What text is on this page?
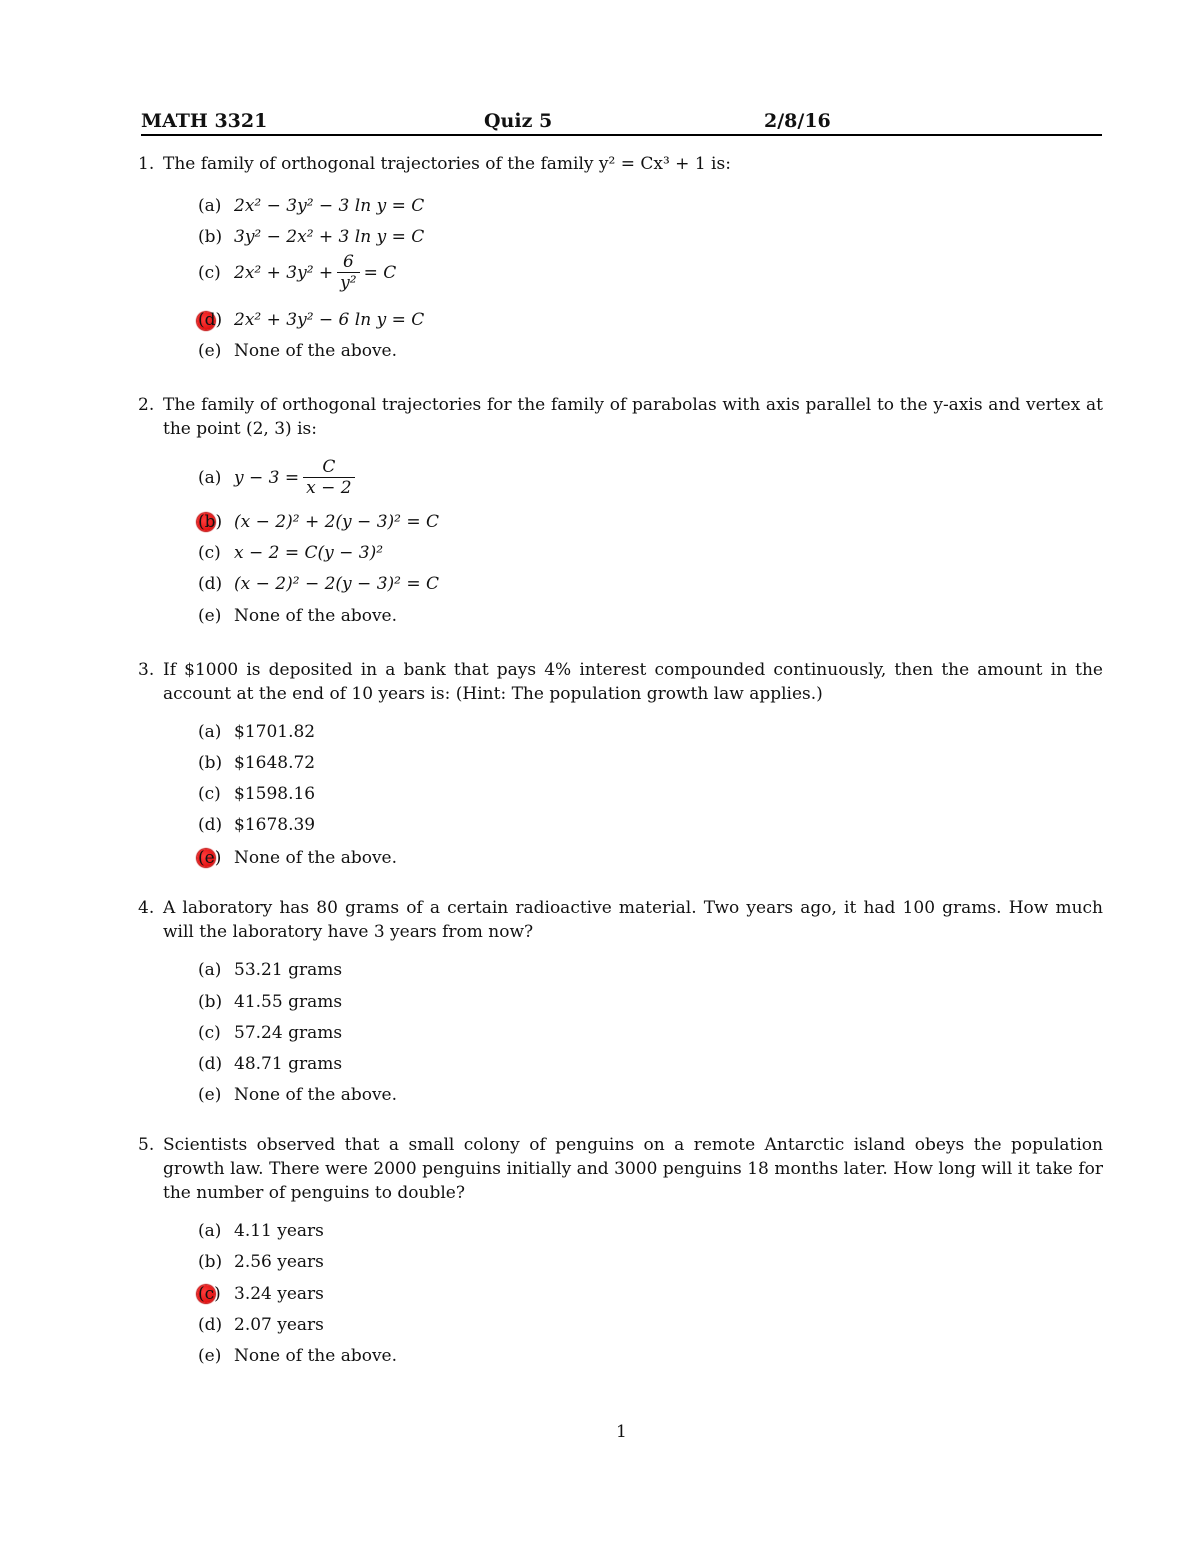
MATH 3321	Quiz 5	2/8/16
1. The family of orthogonal trajectories of the family y² = Cx³ + 1 is:

(a) 2x² − 3y² − 3 ln y = C
(b) 3y² − 2x² + 3 ln y = C
(c) $2x^2 + 3y^2 + \frac{6}{\text{y²}} = C$
(d) 2x² + 3y² − 6 ln y = C
(e) None of the above.
2. The family of orthogonal trajectories for the family of parabolas with axis parallel to the y-axis and vertex at the point (2, 3) is:

(a) $y - 3 = \frac{C}{x - 2}$
(b) (x − 2)² + 2(y − 3)² = C
(c) x − 2 = C(y − 3)²
(d) (x − 2)² − 2(y − 3)² = C
(e) None of the above.
3. If $1000 is deposited in a bank that pays 4% interest compounded continuously, then the amount in the account at the end of 10 years is: (Hint: The population growth law applies.)

(a) $1701.82
(b) $1648.72
(c) $1598.16
(d) $1678.39
(e) None of the above.
4. A laboratory has 80 grams of a certain radioactive material. Two years ago, it had 100 grams. How much will the laboratory have 3 years from now?

(a) 53.21 grams
(b) 41.55 grams
(c) 57.24 grams
(d) 48.71 grams
(e) None of the above.
5. Scientists observed that a small colony of penguins on a remote Antarctic island obeys the population growth law. There were 2000 penguins initially and 3000 penguins 18 months later. How long will it take for the number of penguins to double?

(a) 4.11 years
(b) 2.56 years
(c) 3.24 years
(d) 2.07 years
(e) None of the above.
1
